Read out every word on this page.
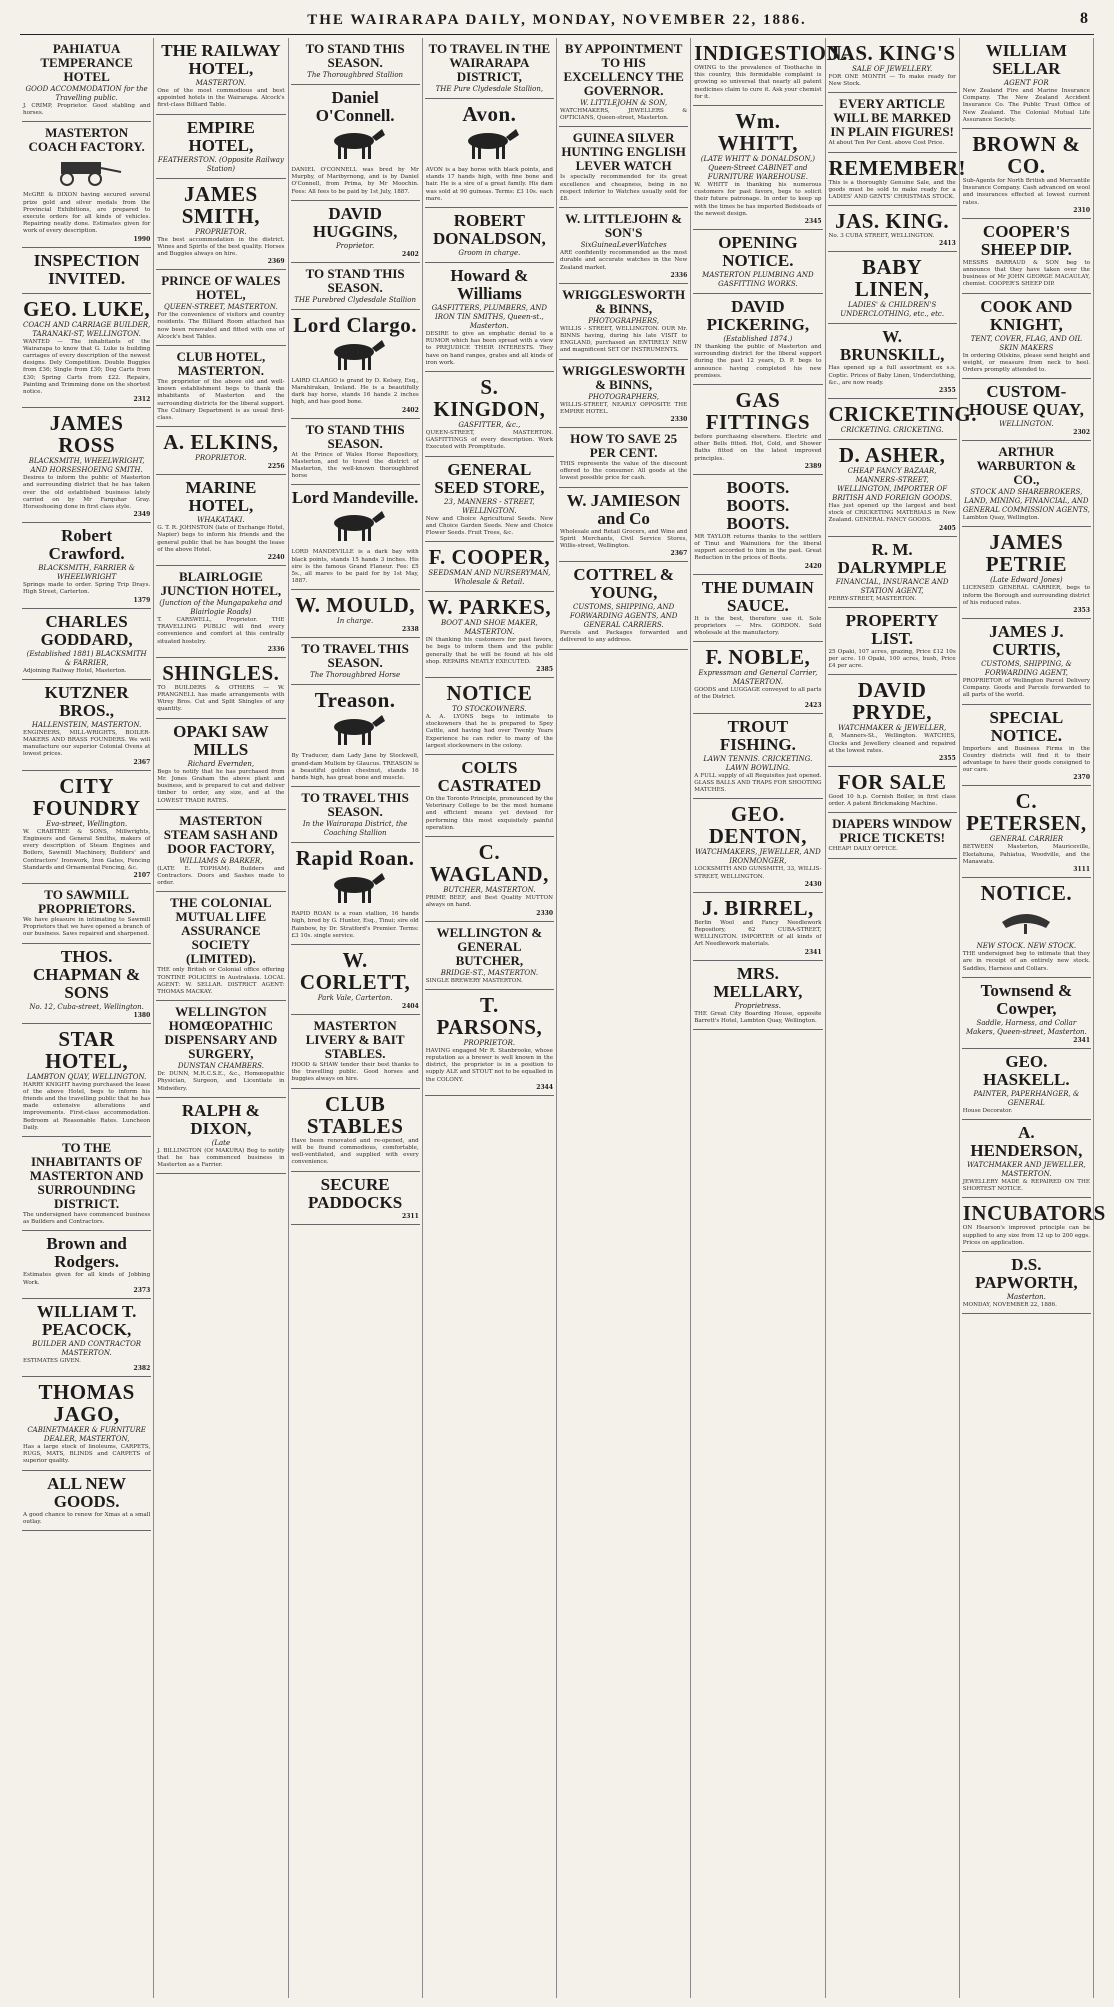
THE WAIRARAPA DAILY, MONDAY, NOVEMBER 22, 1886.	8
PAHIATUA TEMPERANCE HOTEL
GOOD ACCOMMODATION for the Travelling public.
J. CRIMP, Proprietor. Good stabling and horses.
MASTERTON COACH FACTORY.
McGRE & DIXON having secured several prize gold and silver medals from the Provincial Exhibitions, are prepared to execute orders for all kinds of vehicles. Repairing neatly done. Estimates given for work of every description.
1990
INSPECTION INVITED.
GEO. LUKE,
COACH AND CARRIAGE BUILDER, TARANAKI-ST, WELLINGTON.
WANTED — The inhabitants of the Wairarapa to know that G. Luke is building carriages of every description of the newest designs. Dely Competition. Double Buggies from £36; Single from £30; Dog Carts from £30; Spring Carts from £22. Repairs, Painting and Trimming done on the shortest notice.
2312
JAMES ROSS
BLACKSMITH, WHEELWRIGHT, AND HORSESHOEING SMITH.
Desires to inform the public of Masterton and surrounding district that he has taken over the old established business lately carried on by Mr Farquhar Gray. Horseshoeing done in first class style.
2349
Robert Crawford.
BLACKSMITH, FARRIER & WHEELWRIGHT
Springs made to order. Spring Trip Drays. High Street, Carterton.
1379
CHARLES GODDARD,
(Established 1881) BLACKSMITH & FARRIER,
Adjoining Railway Hotel, Masterton.
KUTZNER BROS.,
HALLENSTEIN, MASTERTON.
ENGINEERS, MILL-WRIGHTS, BOILER-MAKERS AND BRASS FOUNDERS. We will manufacture our superior Colonial Ovens at lowest prices.
2367
CITY FOUNDRY
Eva-street, Wellington.
W. CRABTREE & SONS, Millwrights, Engineers and General Smiths, makers of every description of Steam Engines and Boilers, Sawmill Machinery, Builders' and Contractors' Ironwork, Iron Gates, Fencing Standards and Ornamental Fencing, &c.
2107
TO SAWMILL PROPRIETORS.
We have pleasure in intimating to Sawmill Proprietors that we have opened a branch of our business. Saws repaired and sharpened.
THOS. CHAPMAN & SONS
No. 12, Cuba-street, Wellington.
1380
STAR HOTEL,
LAMBTON QUAY, WELLINGTON.
HARRY KNIGHT having purchased the lease of the above Hotel, begs to inform his friends and the travelling public that he has made extensive alterations and improvements. First-class accommodation. Bedroom at Reasonable Rates. Luncheon Daily.
TO THE INHABITANTS OF MASTERTON AND SURROUNDING DISTRICT.
The undersigned have commenced business as Builders and Contractors.
Brown and Rodgers.
Estimates given for all kinds of Jobbing Work.
2373
WILLIAM T. PEACOCK,
BUILDER AND CONTRACTOR MASTERTON.
ESTIMATES GIVEN.
2382
THOMAS JAGO,
CABINETMAKER & FURNITURE DEALER, MASTERTON,
Has a large stock of linoleums, CARPETS, RUGS, MATS, BLINDS and CARPETS of superior quality.
ALL NEW GOODS.
A good chance to renew for Xmas at a small outlay.
THE RAILWAY HOTEL,
MASTERTON.
One of the most commodious and best appointed hotels in the Wairarapa. Alcock's first-class Billiard Table.
EMPIRE HOTEL,
FEATHERSTON. (Opposite Railway Station)
JAMES SMITH,
PROPRIETOR.
The best accommodation in the district. Wines and Spirits of the best quality. Horses and Buggies always on hire.
2369
PRINCE OF WALES HOTEL,
QUEEN-STREET, MASTERTON.
For the convenience of visitors and country residents. The Billiard Room attached has now been renovated and fitted with one of Alcock's best Tables.
CLUB HOTEL, MASTERTON.
The proprietor of the above old and well-known establishment begs to thank the inhabitants of Masterton and the surrounding districts for the liberal support. The Culinary Department is as usual first-class.
A. ELKINS,
PROPRIETOR.
2256
MARINE HOTEL,
WHAKATAKI.
G. T. R. JOHNSTON (late of Exchange Hotel, Napier) begs to inform his friends and the general public that he has bought the lease of the above Hotel.
2240
BLAIRLOGIE JUNCTION HOTEL,
(Junction of the Mungapakeha and Blairlogie Roads)
T. CARSWELL, Proprietor. THE TRAVELLING PUBLIC will find every convenience and comfort at this centrally situated hostelry.
2336
SHINGLES.
TO BUILDERS & OTHERS — W. PRANGNELL has made arrangements with Wirey Bros. Cut and Split Shingles of any quantity.
OPAKI SAW MILLS
Richard Evernden,
Begs to notify that he has purchased from Mr. Jones Graham the above plant and business, and is prepared to cut and deliver timber to order, any size, and at the LOWEST TRADE RATES.
MASTERTON STEAM SASH AND DOOR FACTORY,
WILLIAMS & BARKER,
(LATE E. TOPHAM). Builders and Contractors. Doors and Sashes made to order.
THE COLONIAL MUTUAL LIFE ASSURANCE SOCIETY (LIMITED).
THE only British or Colonial office offering TONTINE POLICIES in Australasia. LOCAL AGENT: W. SELLAR. DISTRICT AGENT: THOMAS MACKAY.
WELLINGTON HOMŒOPATHIC DISPENSARY AND SURGERY,
DUNSTAN CHAMBERS.
Dr. DUNN, M.R.C.S.E., &c., Homœopathic Physician, Surgeon, and Licentiate in Midwifery.
RALPH & DIXON,
(Late
J. BILLINGTON (Of MAKURA) Beg to notify that he has commenced business in Masterton as a Farrier.
TO STAND THIS SEASON.
The Thoroughbred Stallion
Daniel O'Connell.
DANIEL O'CONNELL was bred by Mr Murphy, of Maribyrnong, and is by Daniel O'Connell, from Prima, by Mr Moochin. Fees: All fees to be paid by 1st July, 1887.
DAVID HUGGINS,
Proprietor.
2402
TO STAND THIS SEASON.
THE Purebred Clydesdale Stallion
Lord Clargo.
LAIRD CLARGO is grand by D. Kelsey, Esq., Marahirakan, Ireland. He is a beautifully dark bay horse, stands 16 hands 2 inches high, and has good bone.
2402
TO STAND THIS SEASON.
At the Prince of Wales Horse Repository, Masterton, and to travel the district of Masterton, the well-known thoroughbred horse
Lord Mandeville.
LORD MANDEVILLE is a dark bay with black points, stands 15 hands 3 inches. His sire is the famous Grand Flaneur. Fee: £5 5s., all mares to be paid for by 1st May, 1887.
W. MOULD,
In charge.
2338
TO TRAVEL THIS SEASON.
The Thoroughbred Horse
Treason.
By Traducer, dam Lady Jane by Stockwell, grand-dam Mullein by Glaucus. TREASON is a beautiful golden chestnut, stands 16 hands high, has great bone and muscle.
TO TRAVEL THIS SEASON.
In the Wairarapa District, the Coaching Stallion
Rapid Roan.
RAPID ROAN is a roan stallion, 16 hands high, bred by G. Hunter, Esq., Tinui; sire old Rainbow, by Dr. Stratford's Premier. Terms: £3 10s. single service.
W. CORLETT,
Park Vale, Carterton.
2404
MASTERTON LIVERY & BAIT STABLES.
HOOD & SHAW tender their best thanks to the travelling public. Good horses and buggies always on hire.
CLUB STABLES
Have been renovated and re-opened, and will be found commodious, comfortable, well-ventilated, and supplied with every convenience.
SECURE PADDOCKS
2311
TO TRAVEL IN THE WAIRARAPA DISTRICT,
THE Pure Clydesdale Stallion,
Avon.
AVON is a bay horse with black points, and stands 17 hands high, with fine bone and hair. He is a sire of a great family. His dam was sold at 90 guineas. Terms: £3 10s. each mare.
ROBERT DONALDSON,
Groom in charge.
Howard & Williams
GASFITTERS, PLUMBERS, AND IRON TIN SMITHS, Queen-st., Masterton.
DESIRE to give an emphatic denial to a RUMOR which has been spread with a view to PREJUDICE THEIR INTERESTS. They have on hand ranges, grates and all kinds of iron work.
S. KINGDON,
GASFITTER, &c.,
QUEEN-STREET, MASTERTON. GASFITTINGS of every description. Work Executed with Promptitude.
GENERAL SEED STORE,
23, MANNERS - STREET, WELLINGTON.
New and Choice Agricultural Seeds. New and Choice Garden Seeds. New and Choice Flower Seeds. Fruit Trees, &c.
F. COOPER,
SEEDSMAN AND NURSERYMAN, Wholesale & Retail.
W. PARKES,
BOOT AND SHOE MAKER, MASTERTON.
IN thanking his customers for past favors, he begs to inform them and the public generally that he will be found at his old shop. REPAIRS NEATLY EXECUTED.
2385
NOTICE
TO STOCKOWNERS.
A. A. LYONS begs to intimate to stockowners that he is prepared to Spey Cattle, and having had over Twenty Years Experience he can refer to many of the largest stockowners in the colony.
COLTS CASTRATED
On the Toronto Principle, pronounced by the Veterinary College to be the most humane and efficient means yet devised for performing this most exquisitely painful operation.
C. WAGLAND,
BUTCHER, MASTERTON.
PRIME BEEF, and Best Quality MUTTON always on hand.
2330
WELLINGTON & GENERAL BUTCHER,
BRIDGE-ST., MASTERTON.
SINGLE BREWERY MASTERTON.
T. PARSONS,
PROPRIETOR.
HAVING engaged Mr R. Stanbrooke, whose reputation as a brewer is well known in the district, the proprietor is in a position to supply ALE and STOUT not to be equalled in the COLONY.
2344
BY APPOINTMENT TO HIS EXCELLENCY THE GOVERNOR.
W. LITTLEJOHN & SON,
WATCHMAKERS, JEWELLERS & OPTICIANS, Queen-street, Masterton.
GUINEA SILVER HUNTING ENGLISH LEVER WATCH
Is specially recommended for its great excellence and cheapness, being in no respect inferior to Watches usually sold for £8.
W. LITTLEJOHN & SON'S
SixGuineaLeverWatches
ARE confidently recommended as the most durable and accurate watches in the New Zealand market.
2336
WRIGGLESWORTH & BINNS,
PHOTOGRAPHERS,
WILLIS - STREET, WELLINGTON. OUR Mr. BINNS having, during his late VISIT to ENGLAND, purchased an ENTIRELY NEW and magnificent SET OF INSTRUMENTS.
WRIGGLESWORTH & BINNS,
PHOTOGRAPHERS,
WILLIS-STREET, NEARLY OPPOSITE THE EMPIRE HOTEL.
2330
HOW TO SAVE 25 PER CENT.
THIS represents the value of the discount offered to the consumer. All goods at the lowest possible price for cash.
W. JAMIESON and Co
Wholesale and Retail Grocers, and Wine and Spirit Merchants, Civil Service Stores, Willis-street, Wellington.
2367
COTTREL & YOUNG,
CUSTOMS, SHIPPING, AND FORWARDING AGENTS, AND GENERAL CARRIERS.
Parcels and Packages forwarded and delivered to any address.
INDIGESTION.
OWING to the prevalence of Toothache in this country, this formidable complaint is growing so universal that nearly all patent medicines claim to cure it. Ask your chemist for it.
Wm. WHITT,
(LATE WHITT & DONALDSON,) Queen-Street CABINET and FURNITURE WAREHOUSE.
W. WHITT in thanking his numerous customers for past favors, begs to solicit their future patronage. In order to keep up with the times he has imported Bedsteads of the newest design.
2345
OPENING NOTICE.
MASTERTON PLUMBING AND GASFITTING WORKS.
DAVID PICKERING,
(Established 1874.)
IN thanking the public of Masterton and surrounding district for the liberal support during the past 12 years, D. P. begs to announce having completed his new premises.
GAS FITTINGS
before purchasing elsewhere. Electric and other Bells fitted. Hot, Cold, and Shower Baths fitted on the latest improved principles.
2389
BOOTS. BOOTS. BOOTS.
MR TAYLOR returns thanks to the settlers of Tinui and Wainuiiora for the liberal support accorded to him in the past. Great Reduction in the prices of Boots.
2420
THE DUMAIN SAUCE.
It is the best, therefore use it. Sole proprietors — Mrs. GORDON. Sold wholesale at the manufactory.
F. NOBLE,
Expressman and General Carrier, MASTERTON.
GOODS and LUGGAGE conveyed to all parts of the District.
2423
TROUT FISHING.
LAWN TENNIS. CRICKETING. LAWN BOWLING.
A FULL supply of all Requisites just opened. GLASS BALLS AND TRAPS FOR SHOOTING MATCHES.
GEO. DENTON,
WATCHMAKERS, JEWELLER, AND IRONMONGER,
LOCKSMITH AND GUNSMITH, 33, WILLIS-STREET, WELLINGTON.
2430
J. BIRREL,
Berlin Wool and Fancy Needlework Repository, 62 CUBA-STREET, WELLINGTON. IMPORTER of all kinds of Art Needlework materials.
2341
MRS. MELLARY,
Proprietress.
THE Great City Boarding House, opposite Barrett's Hotel, Lambton Quay, Wellington.
JAS. KING'S
SALE OF JEWELLERY.
FOR ONE MONTH — To make ready for New Stock.
EVERY ARTICLE WILL BE MARKED IN PLAIN FIGURES!
At about Ten Per Cent. above Cost Price.
REMEMBER!
This is a thoroughly Genuine Sale, and the goods must be sold to make ready for a LADIES' AND GENTS' CHRISTMAS STOCK.
JAS. KING.
No. 3 CUBA STREET, WELLINGTON.
2413
BABY LINEN,
LADIES' & CHILDREN'S UNDERCLOTHING, etc., etc.
W. BRUNSKILL,
Has opened up a full assortment ex s.s. Coptic. Prices of Baby Linen, Underclothing, &c., are now ready.
2355
CRICKETING.
CRICKETING. CRICKETING.
D. ASHER,
CHEAP FANCY BAZAAR, MANNERS-STREET, WELLINGTON, IMPORTER OF BRITISH AND FOREIGN GOODS.
Has just opened up the largest and best stock of CRICKETING MATERIALS in New Zealand. GENERAL FANCY GOODS.
2405
R. M. DALRYMPLE
FINANCIAL, INSURANCE AND STATION AGENT,
PERRY-STREET, MASTERTON.
PROPERTY LIST.
25 Opaki, 107 acres, grazing, Price £12 10s per acre. 10 Opaki, 100 acres, bush, Price £4 per acre.
DAVID PRYDE,
WATCHMAKER & JEWELLER,
8, Manners-St., Wellington. WATCHES, Clocks and Jewellery cleaned and repaired at the lowest rates.
2355
FOR SALE
Good 10 h.p. Cornish Boiler, in first class order. A patent Brickmaking Machine.
DIAPERS WINDOW PRICE TICKETS!
CHEAP! DAILY OFFICE.
WILLIAM SELLAR
AGENT FOR
New Zealand Fire and Marine Insurance Company. The New Zealand Accident Insurance Co. The Public Trust Office of New Zealand. The Colonial Mutual Life Assurance Society.
BROWN & CO.
Sub-Agents for North British and Mercantile Insurance Company. Cash advanced on wool and insurances effected at lowest current rates.
2310
COOPER'S SHEEP DIP.
MESSRS BARRAUD & SON beg to announce that they have taken over the business of Mr JOHN GEORGE MACAULAY, chemist. COOPER'S SHEEP DIP.
COOK AND KNIGHT,
TENT, COVER, FLAG, AND OIL SKIN MAKERS
In ordering Oilskins, please send height and weight, or measure from neck to heel. Orders promptly attended to.
CUSTOM-HOUSE QUAY,
WELLINGTON.
2302
ARTHUR WARBURTON & CO.,
STOCK AND SHAREBROKERS, LAND, MINING, FINANCIAL, AND GENERAL COMMISSION AGENTS,
Lambton Quay, Wellington.
JAMES PETRIE
(Late Edward Jones)
LICENSED GENERAL CARRIER, begs to inform the Borough and surrounding district of his reduced rates.
2353
JAMES J. CURTIS,
CUSTOMS, SHIPPING, & FORWARDING AGENT,
PROPRIETOR of Wellington Parcel Delivery Company. Goods and Parcels forwarded to all parts of the world.
SPECIAL NOTICE.
Importers and Business Firms in the Country districts will find it to their advantage to have their goods consigned to our care.
2370
C. PETERSEN,
GENERAL CARRIER
BETWEEN Masterton, Mauriceville, Eketahuna, Pahiatua, Woodville, and the Manawatu.
3111
NOTICE.
NEW STOCK. NEW STOCK.
THE undersigned beg to intimate that they are in receipt of an entirely new stock. Saddles, Harness and Collars.
Townsend & Cowper,
Saddle, Harness, and Collar Makers, Queen-street, Masterton.
2341
GEO. HASKELL.
PAINTER, PAPERHANGER, & GENERAL
House Decorator.
A. HENDERSON,
WATCHMAKER AND JEWELLER, MASTERTON.
JEWELLERY MADE & REPAIRED ON THE SHORTEST NOTICE.
INCUBATORS
ON Hearson's improved principle can be supplied to any size from 12 up to 200 eggs. Prices on application.
D.S. PAPWORTH,
Masterton.
MONDAY, NOVEMBER 22, 1886.
